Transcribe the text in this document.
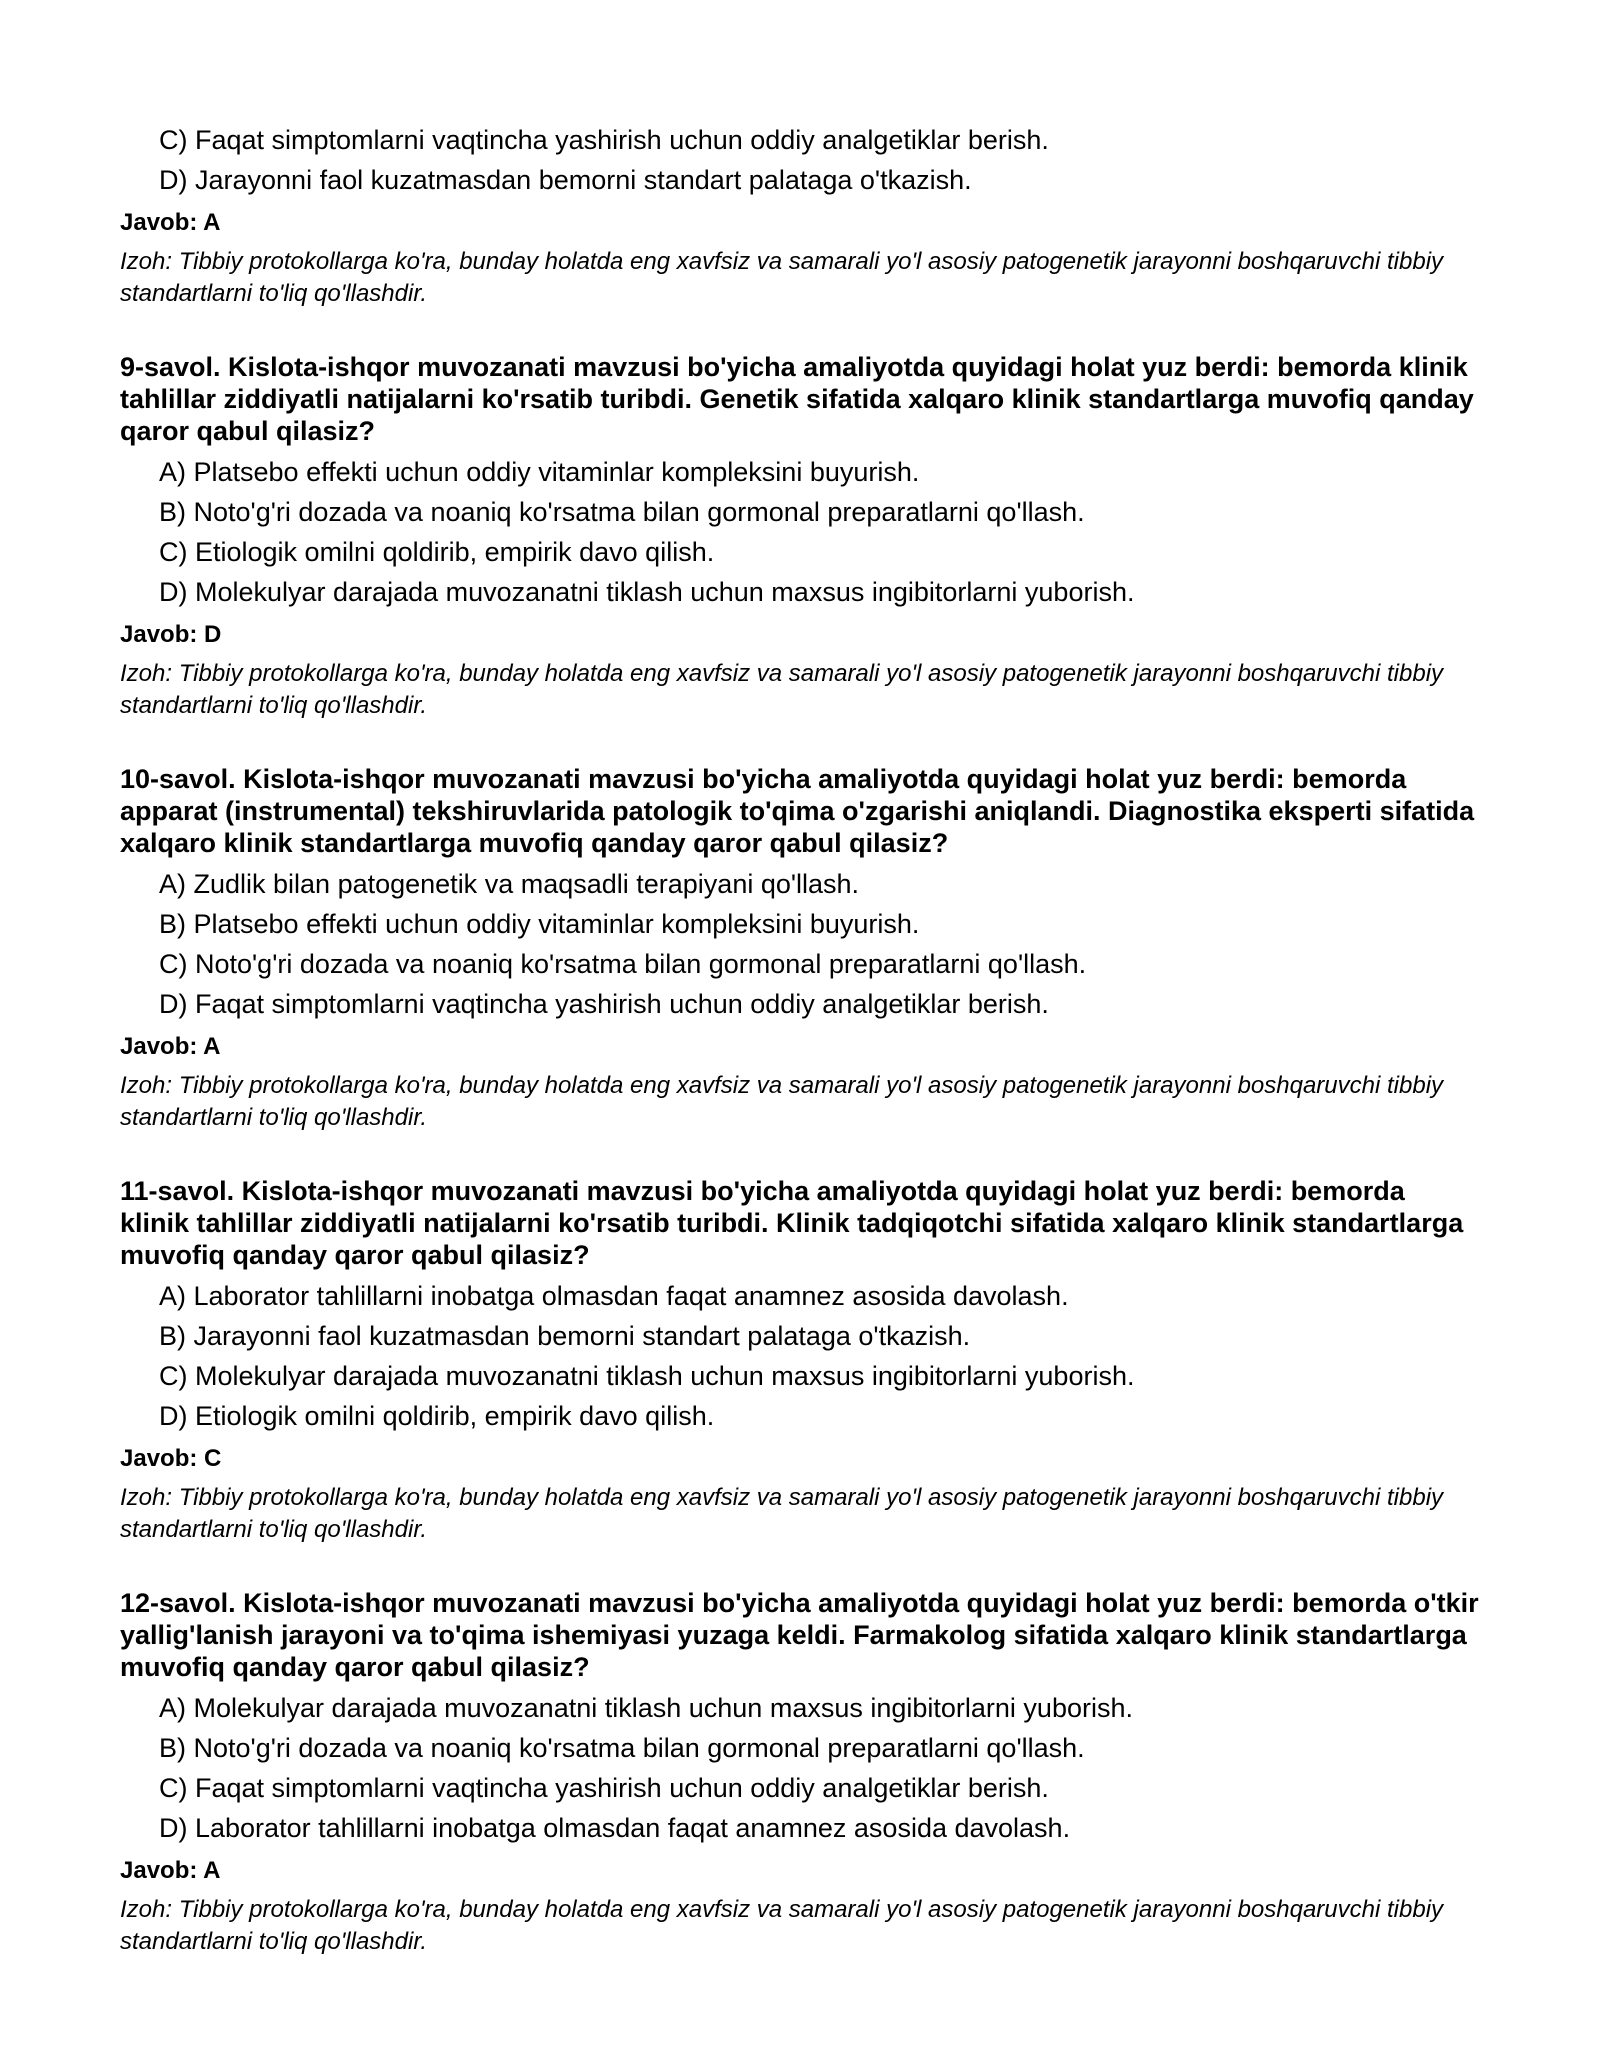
C) Faqat simptomlarni vaqtincha yashirish uchun oddiy analgetiklar berish.

D) Jarayonni faol kuzatmasdan bemorni standart palataga o'tkazish.

Javob: A

Izoh: Tibbiy protokollarga ko'ra, bunday holatda eng xavfsiz va samarali yo'l asosiy patogenetik jarayonni boshqaruvchi tibbiy standartlarni to'liq qo'llashdir.

9-savol. Kislota-ishqor muvozanati mavzusi bo'yicha amaliyotda quyidagi holat yuz berdi: bemorda klinik tahlillar ziddiyatli natijalarni ko'rsatib turibdi. Genetik sifatida xalqaro klinik standartlarga muvofiq qanday qaror qabul qilasiz?

A) Platsebo effekti uchun oddiy vitaminlar kompleksini buyurish.

B) Noto'g'ri dozada va noaniq ko'rsatma bilan gormonal preparatlarni qo'llash.

C) Etiologik omilni qoldirib, empirik davo qilish.

D) Molekulyar darajada muvozanatni tiklash uchun maxsus ingibitorlarni yuborish.

Javob: D

Izoh: Tibbiy protokollarga ko'ra, bunday holatda eng xavfsiz va samarali yo'l asosiy patogenetik jarayonni boshqaruvchi tibbiy standartlarni to'liq qo'llashdir.

10-savol. Kislota-ishqor muvozanati mavzusi bo'yicha amaliyotda quyidagi holat yuz berdi: bemorda apparat (instrumental) tekshiruvlarida patologik to'qima o'zgarishi aniqlandi. Diagnostika eksperti sifatida xalqaro klinik standartlarga muvofiq qanday qaror qabul qilasiz?

A) Zudlik bilan patogenetik va maqsadli terapiyani qo'llash.

B) Platsebo effekti uchun oddiy vitaminlar kompleksini buyurish.

C) Noto'g'ri dozada va noaniq ko'rsatma bilan gormonal preparatlarni qo'llash.

D) Faqat simptomlarni vaqtincha yashirish uchun oddiy analgetiklar berish.

Javob: A

Izoh: Tibbiy protokollarga ko'ra, bunday holatda eng xavfsiz va samarali yo'l asosiy patogenetik jarayonni boshqaruvchi tibbiy standartlarni to'liq qo'llashdir.

11-savol. Kislota-ishqor muvozanati mavzusi bo'yicha amaliyotda quyidagi holat yuz berdi: bemorda klinik tahlillar ziddiyatli natijalarni ko'rsatib turibdi. Klinik tadqiqotchi sifatida xalqaro klinik standartlarga muvofiq qanday qaror qabul qilasiz?

A) Laborator tahlillarni inobatga olmasdan faqat anamnez asosida davolash.

B) Jarayonni faol kuzatmasdan bemorni standart palataga o'tkazish.

C) Molekulyar darajada muvozanatni tiklash uchun maxsus ingibitorlarni yuborish.

D) Etiologik omilni qoldirib, empirik davo qilish.

Javob: C

Izoh: Tibbiy protokollarga ko'ra, bunday holatda eng xavfsiz va samarali yo'l asosiy patogenetik jarayonni boshqaruvchi tibbiy standartlarni to'liq qo'llashdir.

12-savol. Kislota-ishqor muvozanati mavzusi bo'yicha amaliyotda quyidagi holat yuz berdi: bemorda o'tkir yallig'lanish jarayoni va to'qima ishemiyasi yuzaga keldi. Farmakolog sifatida xalqaro klinik standartlarga muvofiq qanday qaror qabul qilasiz?

A) Molekulyar darajada muvozanatni tiklash uchun maxsus ingibitorlarni yuborish.

B) Noto'g'ri dozada va noaniq ko'rsatma bilan gormonal preparatlarni qo'llash.

C) Faqat simptomlarni vaqtincha yashirish uchun oddiy analgetiklar berish.

D) Laborator tahlillarni inobatga olmasdan faqat anamnez asosida davolash.

Javob: A

Izoh: Tibbiy protokollarga ko'ra, bunday holatda eng xavfsiz va samarali yo'l asosiy patogenetik jarayonni boshqaruvchi tibbiy standartlarni to'liq qo'llashdir.
